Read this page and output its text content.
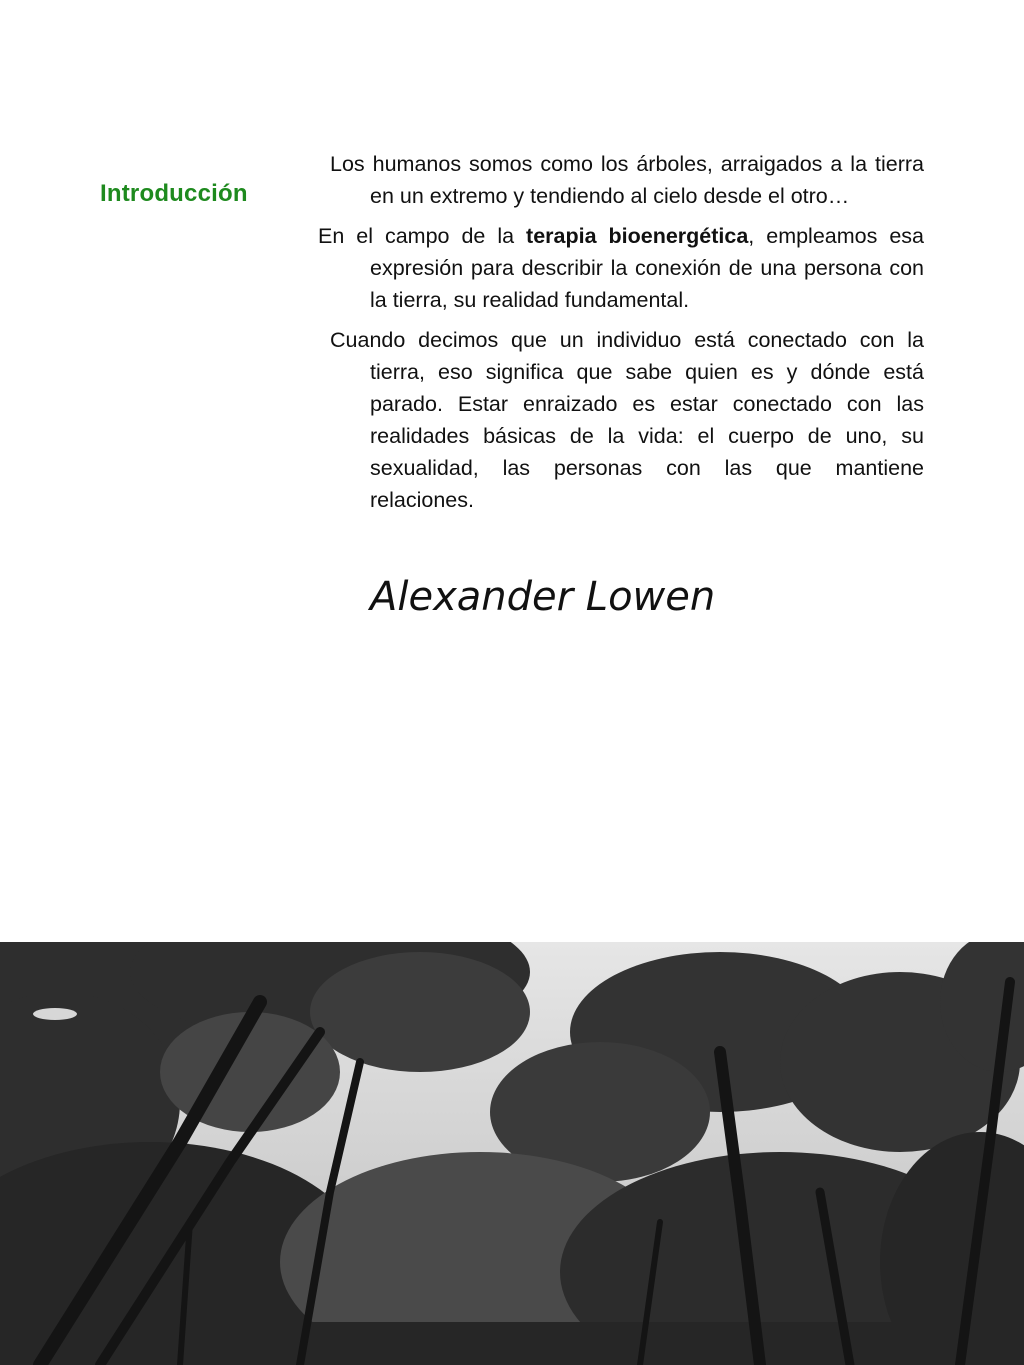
Introducción

Los humanos somos como los árboles, arraigados a la tierra en un extremo y tendiendo al cielo desde el otro…

En el campo de la terapia bioenergética, empleamos esa expresión para describir la conexión de una persona con la tierra, su realidad fundamental.

Cuando decimos que un individuo está conectado con la tierra, eso significa que sabe quien es y dónde está parado. Estar enraizado es estar conectado con las realidades básicas de la vida: el cuerpo de uno, su sexualidad, las personas con las que mantiene relaciones.

Alexander Lowen
